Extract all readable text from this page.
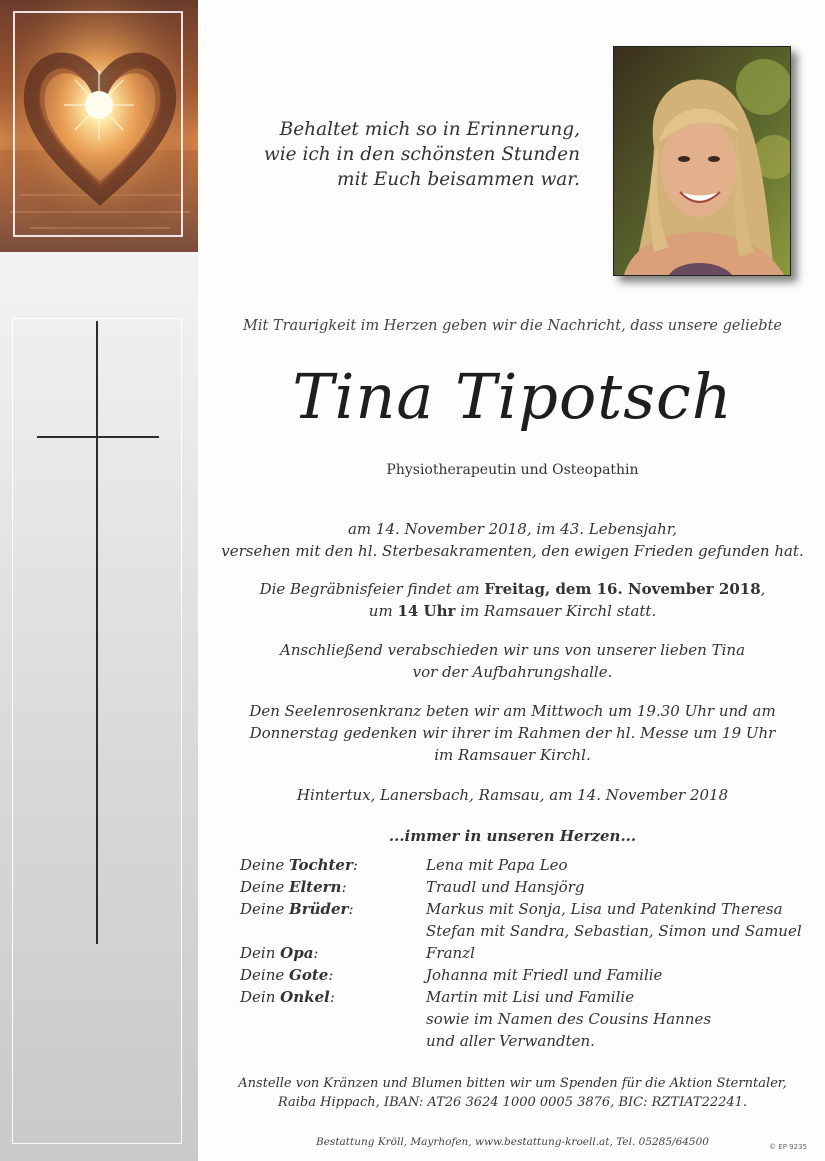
Behaltet mich so in Erinnerung,
wie ich in den schönsten Stunden
mit Euch beisammen war.
Mit Traurigkeit im Herzen geben wir die Nachricht, dass unsere geliebte
Tina Tipotsch
Physiotherapeutin und Osteopathin
am 14. November 2018, im 43. Lebensjahr,
versehen mit den hl. Sterbesakramenten, den ewigen Frieden gefunden hat.
Die Begräbnisfeier findet am Freitag, dem 16. November 2018,
um 14 Uhr im Ramsauer Kirchl statt.
Anschließend verabschieden wir uns von unserer lieben Tina
vor der Aufbahrungshalle.
Den Seelenrosenkranz beten wir am Mittwoch um 19.30 Uhr und am
Donnerstag gedenken wir ihrer im Rahmen der hl. Messe um 19 Uhr
im Ramsauer Kirchl.
Hintertux, Lanersbach, Ramsau, am 14. November 2018
...immer in unseren Herzen...
Deine Tochter:	Lena mit Papa Leo
Deine Eltern:	Traudl und Hansjörg
Deine Brüder:	Markus mit Sonja, Lisa und Patenkind Theresa
Stefan mit Sandra, Sebastian, Simon und Samuel
Dein Opa:	Franzl
Deine Gote:	Johanna mit Friedl und Familie
Dein Onkel:	Martin mit Lisi und Familie
sowie im Namen des Cousins Hannes
und aller Verwandten.
Anstelle von Kränzen und Blumen bitten wir um Spenden für die Aktion Sterntaler,
Raiba Hippach, IBAN: AT26 3624 1000 0005 3876, BIC: RZTIAT22241.
Bestattung Kröll, Mayrhofen, www.bestattung-kroell.at, Tel. 05285/64500	© EP 9235
